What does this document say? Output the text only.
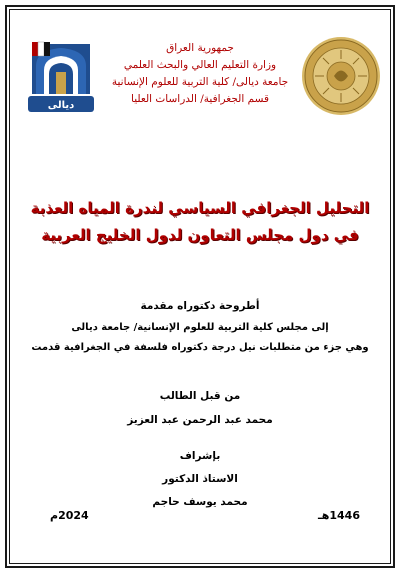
ديالى
جمهورية العراق
وزارة التعليم العالي والبحث العلمي
جامعة ديالى/ كلية التربية للعلوم الإنسانية
قسم الجغرافية/ الدراسات العليا
التحليل الجغرافي السياسي لندرة المياه العذبة
في دول مجلس التعاون لدول الخليج العربية
أطروحة دكتوراه مقدمة
إلى مجلس كلية التربية للعلوم الإنسانية/ جامعة ديالى
وهي جزء من متطلبات نيل درجة دكتوراه فلسفة في الجغرافية قدمت
من قبل الطالب
محمد عبد الرحمن عبد العزيز
بإشراف
الاستاذ الدكتور
محمد يوسف حاجم
1446هـ
2024م
